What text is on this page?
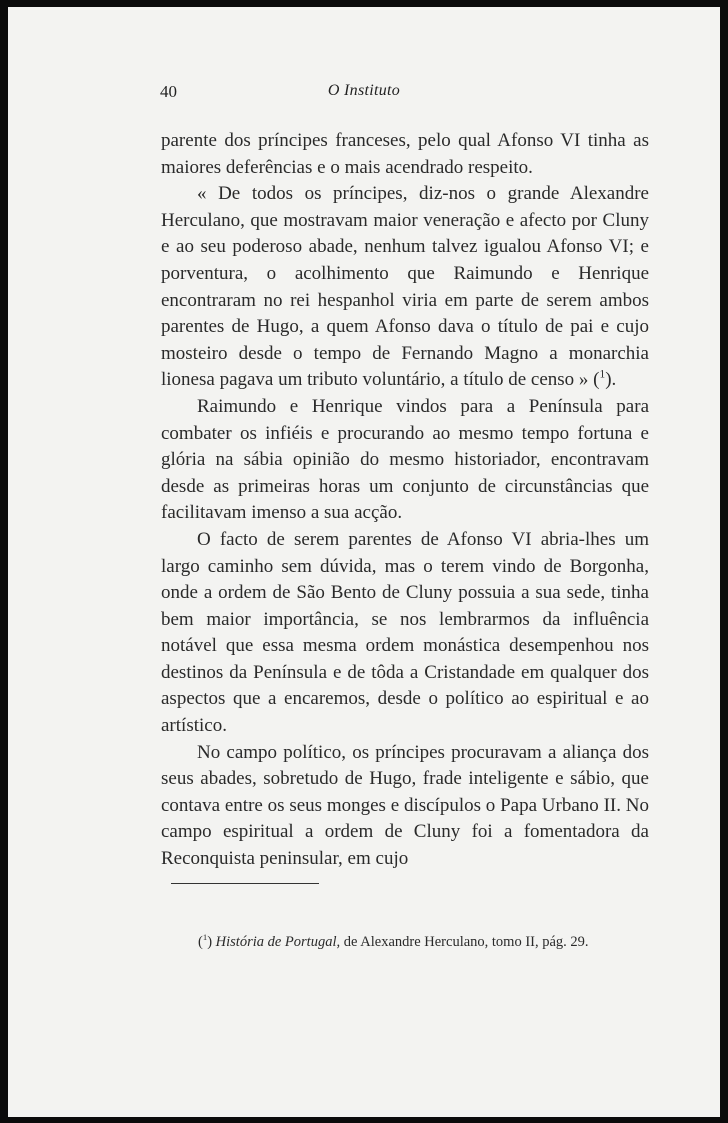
40	O Instituto

parente dos príncipes franceses, pelo qual Afonso VI tinha as maiores deferências e o mais acendrado respeito.

« De todos os príncipes, diz-nos o grande Alexandre Herculano, que mostravam maior veneração e afecto por Cluny e ao seu poderoso abade, nenhum talvez igualou Afonso VI; e porventura, o acolhimento que Raimundo e Henrique encontraram no rei hespanhol viria em parte de serem ambos parentes de Hugo, a quem Afonso dava o título de pai e cujo mosteiro desde o tempo de Fernando Magno a monarchia lionesa pagava um tributo voluntário, a título de censo » ($^1$).

Raimundo e Henrique vindos para a Península para combater os infiéis e procurando ao mesmo tempo fortuna e glória na sábia opinião do mesmo historiador, encontravam desde as primeiras horas um conjunto de circunstâncias que facilitavam imenso a sua acção.

O facto de serem parentes de Afonso VI abria-lhes um largo caminho sem dúvida, mas o terem vindo de Borgonha, onde a ordem de São Bento de Cluny possuia a sua sede, tinha bem maior importância, se nos lembrarmos da influência notável que essa mesma ordem monástica desempenhou nos destinos da Península e de tôda a Cristandade em qualquer dos aspectos que a encaremos, desde o político ao espiritual e ao artístico.

No campo político, os príncipes procuravam a aliança dos seus abades, sobretudo de Hugo, frade inteligente e sábio, que contava entre os seus monges e discípulos o Papa Urbano II. No campo espiritual a ordem de Cluny foi a fomentadora da Reconquista peninsular, em cujo

($^1$) História de Portugal, de Alexandre Herculano, tomo II, pág. 29.
